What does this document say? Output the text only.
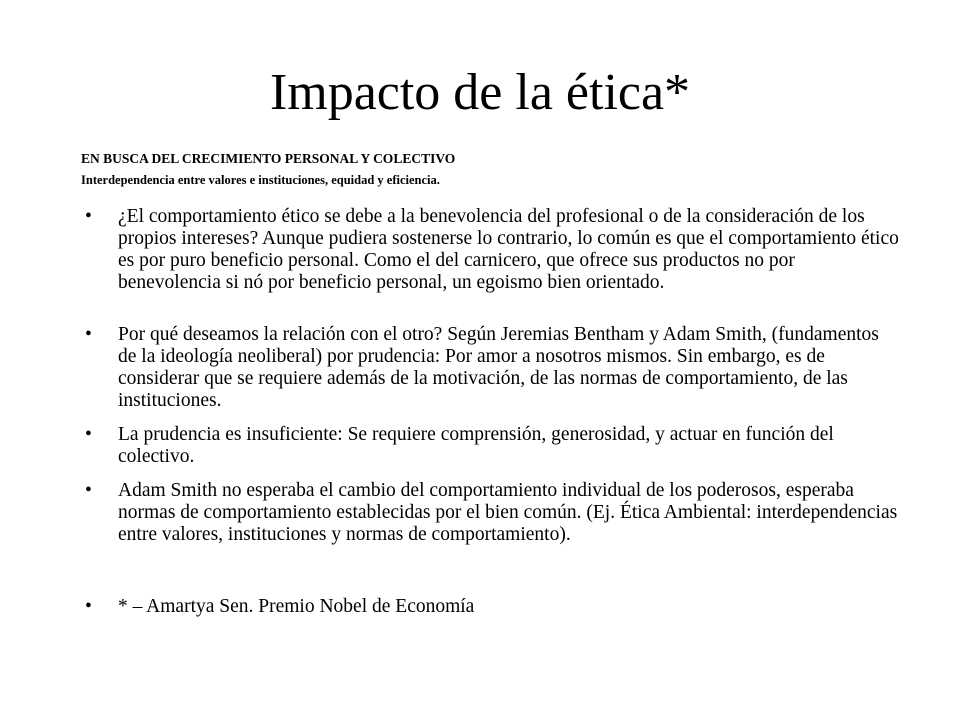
Impacto de la ética*

EN BUSCA DEL CRECIMIENTO PERSONAL Y COLECTIVO

Interdependencia entre valores e instituciones, equidad y eficiencia.

• ¿El comportamiento ético se debe a la benevolencia del profesional o de la consideración de los propios intereses? Aunque pudiera sostenerse lo contrario, lo común es que el comportamiento ético es por puro beneficio personal. Como el del carnicero, que ofrece sus productos no por benevolencia si nó por beneficio personal, un egoismo bien orientado.
• Por qué deseamos la relación con el otro? Según Jeremias Bentham y Adam Smith, (fundamentos de la ideología neoliberal) por prudencia: Por amor a nosotros mismos. Sin embargo, es de considerar que se requiere además de la motivación, de las normas de comportamiento, de las instituciones.
• La prudencia es insuficiente: Se requiere comprensión, generosidad, y actuar en función del colectivo.
• Adam Smith no esperaba el cambio del comportamiento individual de los poderosos, esperaba normas de comportamiento establecidas por el bien común. (Ej. Ética Ambiental: interdependencias entre valores, instituciones y normas de comportamiento).
• * – Amartya Sen. Premio Nobel de Economía
